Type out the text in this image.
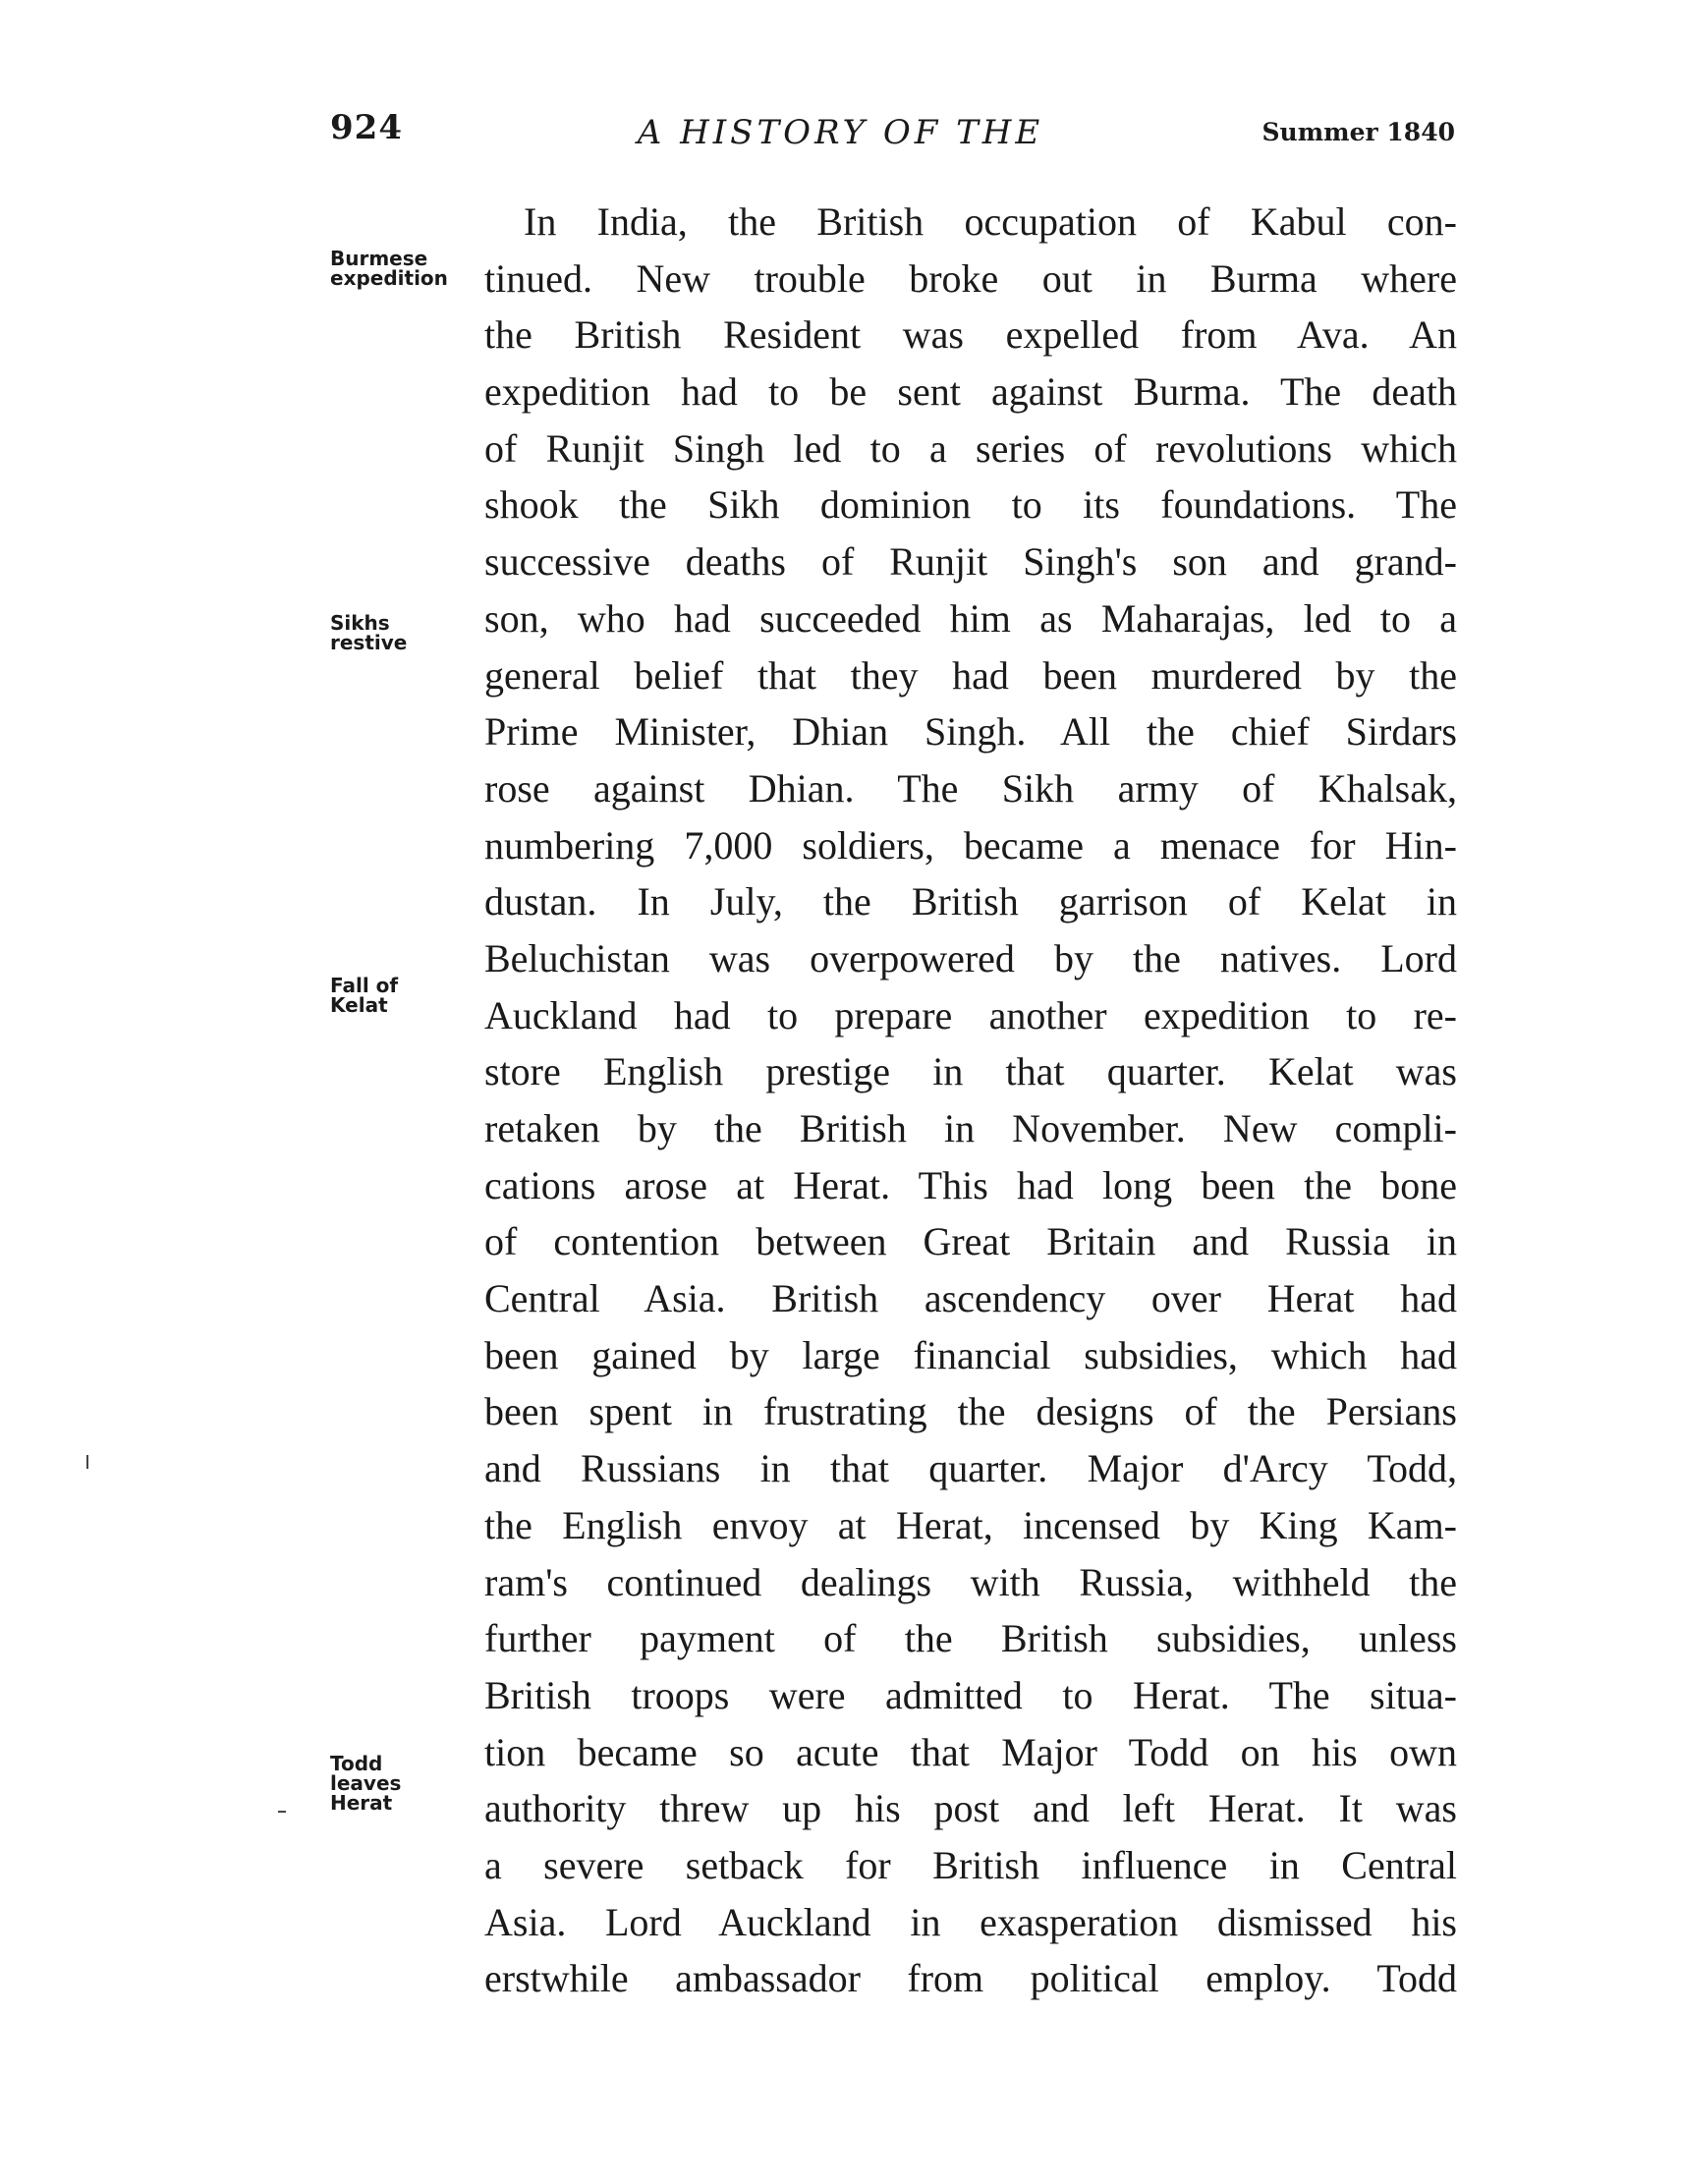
924	A HISTORY OF THE	Summer 1840
Burmese
expedition
Sikhs
restive
Fall of
Kelat
Todd
leaves
Herat
In India, the British occupation of Kabul con-
tinued. New trouble broke out in Burma where
the British Resident was expelled from Ava. An
expedition had to be sent against Burma. The death
of Runjit Singh led to a series of revolutions which
shook the Sikh dominion to its foundations. The
successive deaths of Runjit Singh's son and grand-
son, who had succeeded him as Maharajas, led to a
general belief that they had been murdered by the
Prime Minister, Dhian Singh. All the chief Sirdars
rose against Dhian. The Sikh army of Khalsak,
numbering 7,000 soldiers, became a menace for Hin-
dustan. In July, the British garrison of Kelat in
Beluchistan was overpowered by the natives. Lord
Auckland had to prepare another expedition to re-
store English prestige in that quarter. Kelat was
retaken by the British in November. New compli-
cations arose at Herat. This had long been the bone
of contention between Great Britain and Russia in
Central Asia. British ascendency over Herat had
been gained by large financial subsidies, which had
been spent in frustrating the designs of the Persians
and Russians in that quarter. Major d'Arcy Todd,
the English envoy at Herat, incensed by King Kam-
ram's continued dealings with Russia, withheld the
further payment of the British subsidies, unless
British troops were admitted to Herat. The situa-
tion became so acute that Major Todd on his own
authority threw up his post and left Herat. It was
a severe setback for British influence in Central
Asia. Lord Auckland in exasperation dismissed his
erstwhile ambassador from political employ. Todd
